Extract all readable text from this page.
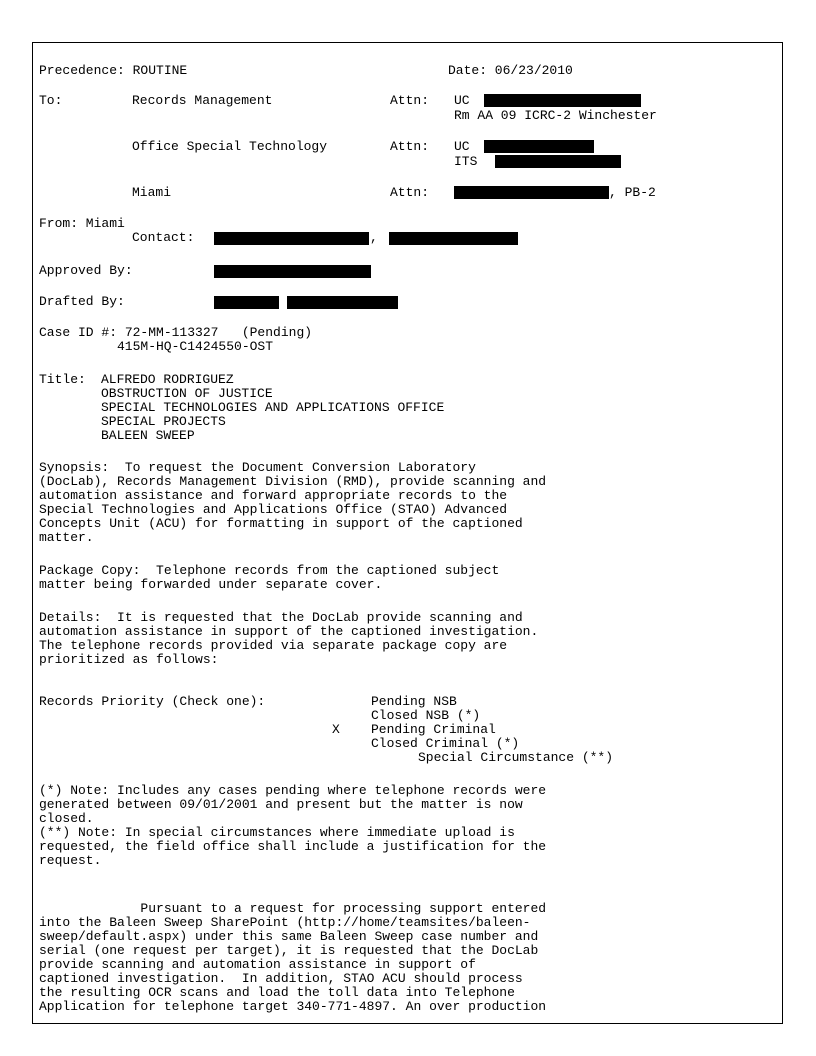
Precedence: ROUTINE	Date: 06/23/2010
To:	Records Management	Attn: UC
Rm AA 09 ICRC-2 Winchester
Office Special Technology	Attn: UC
ITS
Miami	Attn:	, PB-2
From: Miami
Contact:	,
Approved By:
Drafted By:
Case ID #: 72-MM-113327   (Pending)
415M-HQ-C1424550-OST
Title: ALFREDO RODRIGUEZ
OBSTRUCTION OF JUSTICE
SPECIAL TECHNOLOGIES AND APPLICATIONS OFFICE
SPECIAL PROJECTS
BALEEN SWEEP
Synopsis:  To request the Document Conversion Laboratory
(DocLab), Records Management Division (RMD), provide scanning and
automation assistance and forward appropriate records to the
Special Technologies and Applications Office (STAO) Advanced
Concepts Unit (ACU) for formatting in support of the captioned
matter.
Package Copy:  Telephone records from the captioned subject
matter being forwarded under separate cover.
Details:  It is requested that the DocLab provide scanning and
automation assistance in support of the captioned investigation.
The telephone records provided via separate package copy are
prioritized as follows:
Records Priority (Check one):	Pending NSB
Closed NSB (*)
X Pending Criminal
Closed Criminal (*)
Special Circumstance (**)
(*) Note: Includes any cases pending where telephone records were
generated between 09/01/2001 and present but the matter is now
closed.
(**) Note: In special circumstances where immediate upload is
requested, the field office shall include a justification for the
request.
Pursuant to a request for processing support entered
into the Baleen Sweep SharePoint (http://home/teamsites/baleen-
sweep/default.aspx) under this same Baleen Sweep case number and
serial (one request per target), it is requested that the DocLab
provide scanning and automation assistance in support of
captioned investigation.  In addition, STAO ACU should process
the resulting OCR scans and load the toll data into Telephone
Application for telephone target 340-771-4897. An over production
